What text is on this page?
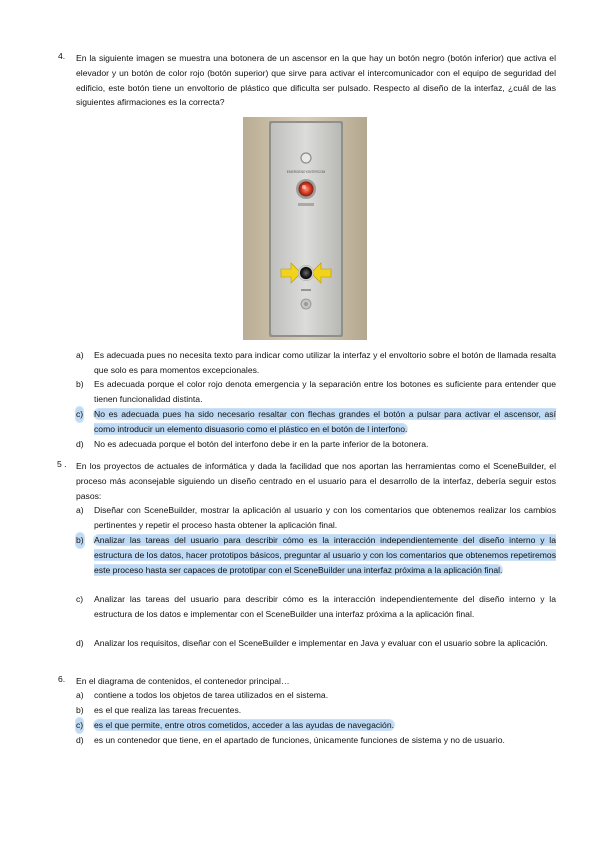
4. En la siguiente imagen se muestra una botonera de un ascensor en la que hay un botón negro (botón inferior) que activa el elevador y un botón de color rojo (botón superior) que sirve para activar el intercomunicador con el equipo de seguridad del edificio, este botón tiene un envoltorio de plástico que dificulta ser pulsado. Respecto al diseño de la interfaz, ¿cuál de las siguientes afirmaciones es la correcta?
EMERGENCY/INTERCOM
a) Es adecuada pues no necesita texto para indicar como utilizar la interfaz y el envoltorio sobre el botón de llamada resalta que solo es para momentos excepcionales.
b) Es adecuada porque el color rojo denota emergencia y la separación entre los botones es suficiente para entender que tienen funcionalidad distinta.
c) No es adecuada pues ha sido necesario resaltar con flechas grandes el botón a pulsar para activar el ascensor, así como introducir un elemento disuasorio como el plástico en el botón de l interfono.
d) No es adecuada porque el botón del interfono debe ir en la parte inferior de la botonera.
5 . En los proyectos de actuales de informática y dada la facilidad que nos aportan las herramientas como el SceneBuilder, el proceso más aconsejable siguiendo un diseño centrado en el usuario para el desarrollo de la interfaz, debería seguir estos pasos:
a) Diseñar con SceneBuilder, mostrar la aplicación al usuario y con los comentarios que obtenemos realizar los cambios pertinentes y repetir el proceso hasta obtener la aplicación final.
b) Analizar las tareas del usuario para describir cómo es la interacción independientemente del diseño interno y la estructura de los datos, hacer prototipos básicos, preguntar al usuario y con los comentarios que obtenemos repetiremos este proceso hasta ser capaces de prototipar con el SceneBuilder una interfaz próxima a la aplicación final.
c) Analizar las tareas del usuario para describir cómo es la interacción independientemente del diseño interno y la estructura de los datos e implementar con el SceneBuilder una interfaz próxima a la aplicación final.
d) Analizar los requisitos, diseñar con el SceneBuilder e implementar en Java y evaluar con el usuario sobre la aplicación.
6. En el diagrama de contenidos, el contenedor principal…
a) contiene a todos los objetos de tarea utilizados en el sistema.
b) es el que realiza las tareas frecuentes.
c) es el que permite, entre otros cometidos, acceder a las ayudas de navegación.
d) es un contenedor que tiene, en el apartado de funciones, únicamente funciones de sistema y no de usuario.
